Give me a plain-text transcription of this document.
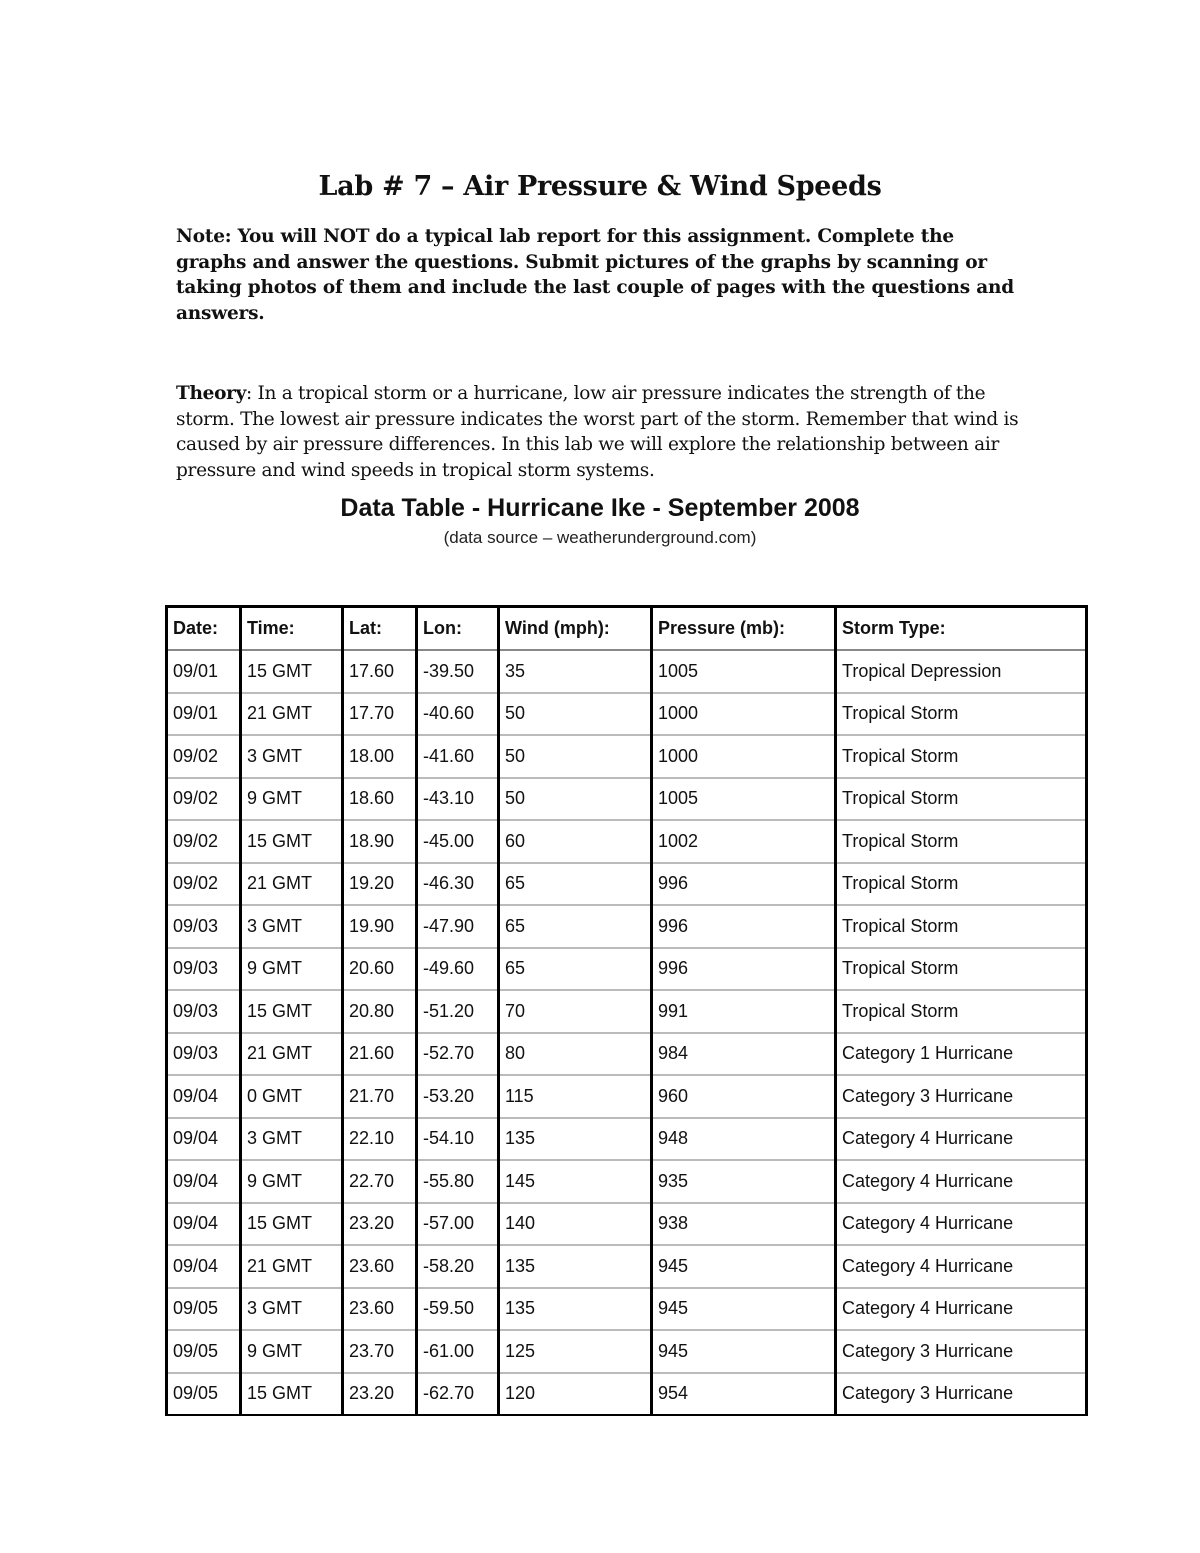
Lab # 7 – Air Pressure & Wind Speeds
Note: You will NOT do a typical lab report for this assignment. Complete the graphs and answer the questions. Submit pictures of the graphs by scanning or taking photos of them and include the last couple of pages with the questions and answers.
Theory: In a tropical storm or a hurricane, low air pressure indicates the strength of the storm. The lowest air pressure indicates the worst part of the storm. Remember that wind is caused by air pressure differences. In this lab we will explore the relationship between air pressure and wind speeds in tropical storm systems.
Data Table - Hurricane Ike - September 2008
(data source – weatherunderground.com)
Date:	Time:	Lat:	Lon:	Wind (mph):	Pressure (mb):	Storm Type:
09/01	15 GMT	17.60	-39.50	35	1005	Tropical Depression
09/01	21 GMT	17.70	-40.60	50	1000	Tropical Storm
09/02	3 GMT	18.00	-41.60	50	1000	Tropical Storm
09/02	9 GMT	18.60	-43.10	50	1005	Tropical Storm
09/02	15 GMT	18.90	-45.00	60	1002	Tropical Storm
09/02	21 GMT	19.20	-46.30	65	996	Tropical Storm
09/03	3 GMT	19.90	-47.90	65	996	Tropical Storm
09/03	9 GMT	20.60	-49.60	65	996	Tropical Storm
09/03	15 GMT	20.80	-51.20	70	991	Tropical Storm
09/03	21 GMT	21.60	-52.70	80	984	Category 1 Hurricane
09/04	0 GMT	21.70	-53.20	115	960	Category 3 Hurricane
09/04	3 GMT	22.10	-54.10	135	948	Category 4 Hurricane
09/04	9 GMT	22.70	-55.80	145	935	Category 4 Hurricane
09/04	15 GMT	23.20	-57.00	140	938	Category 4 Hurricane
09/04	21 GMT	23.60	-58.20	135	945	Category 4 Hurricane
09/05	3 GMT	23.60	-59.50	135	945	Category 4 Hurricane
09/05	9 GMT	23.70	-61.00	125	945	Category 3 Hurricane
09/05	15 GMT	23.20	-62.70	120	954	Category 3 Hurricane
